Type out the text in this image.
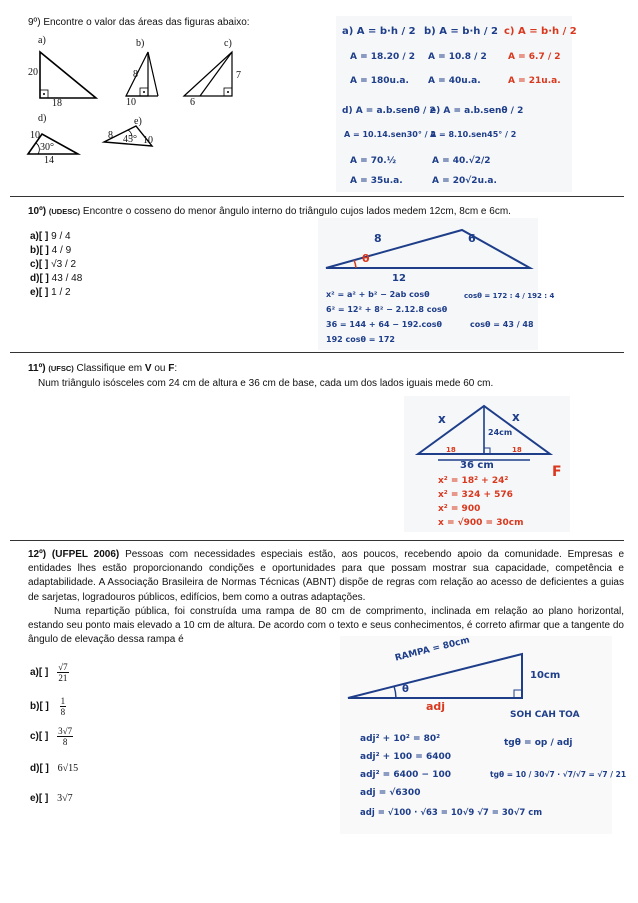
9º) Encontre o valor das áreas das figuras abaixo:
a)
20
18
b)
8
10
c)
7
6
d)
10
30°
14
e)
8 45° 10
a) A = b·h / 2
A = 18.20 / 2
A = 180u.a.
b) A = b·h / 2
A = 10.8 / 2
A = 40u.a.
c) A = b·h / 2
A = 6.7 / 2
A = 21u.a.
d) A = a.b.senθ / 2
A = 10.14.sen30° / 2
A = 70.½
A = 35u.a.
e) A = a.b.senθ / 2
A = 8.10.sen45° / 2
A = 40.√2/2
A = 20√2u.a.
10º) (UDESC) Encontre o cosseno do menor ângulo interno do triângulo cujos lados medem 12cm, 8cm e 6cm.
a)[ ] 9 / 4
b)[ ] 4 / 9
c)[ ] √3 / 2
d)[ ] 43 / 48
e)[ ] 1 / 2
8	6
θ
12
x² = a² + b² − 2ab cosθ
6² = 12² + 8² − 2.12.8 cosθ
36 = 144 + 64 − 192.cosθ
192 cosθ = 172
cosθ = 172 : 4 / 192 : 4
cosθ = 43 / 48
11º) (UFSC) Classifique em V ou F:
Num triângulo isósceles com 24 cm de altura e 36 cm de base, cada um dos lados iguais mede 60 cm.
x	x
24cm
18	18
36 cm	F
x² = 18² + 24²
x² = 324 + 576
x² = 900
x = √900 = 30cm
12º) (UFPEL 2006) Pessoas com necessidades especiais estão, aos poucos, recebendo apoio da comunidade. Empresas e entidades lhes estão proporcionando condições e oportunidades para que possam mostrar sua capacidade, competência e adaptabilidade. A Associação Brasileira de Normas Técnicas (ABNT) dispõe de regras com relação ao acesso de deficientes a guias de sarjetas, logradouros públicos, edifícios, bem como a outras adaptações.
Numa repartição pública, foi construída uma rampa de 80 cm de comprimento, inclinada em relação ao plano horizontal, estando seu ponto mais elevado a 10 cm de altura. De acordo com o texto e seus conhecimentos, é correto afirmar que a tangente do ângulo de elevação dessa rampa é
a)[ ] $\frac{√7}{21}$
b)[ ] $\frac{1}{8}$
c)[ ] $\frac{3√7}{8}$
d)[ ] 6√15
e)[ ] 3√7
RAMPA = 80cm
10cm
θ
adj
SOH CAH TOA
adj² + 10² = 80²
adj² + 100 = 6400
adj² = 6400 − 100
adj = √6300
adj = √100 · √63 = 10√9 √7 = 30√7 cm
tgθ = op / adj
tgθ = 10 / 30√7 · √7/√7 = √7 / 21
